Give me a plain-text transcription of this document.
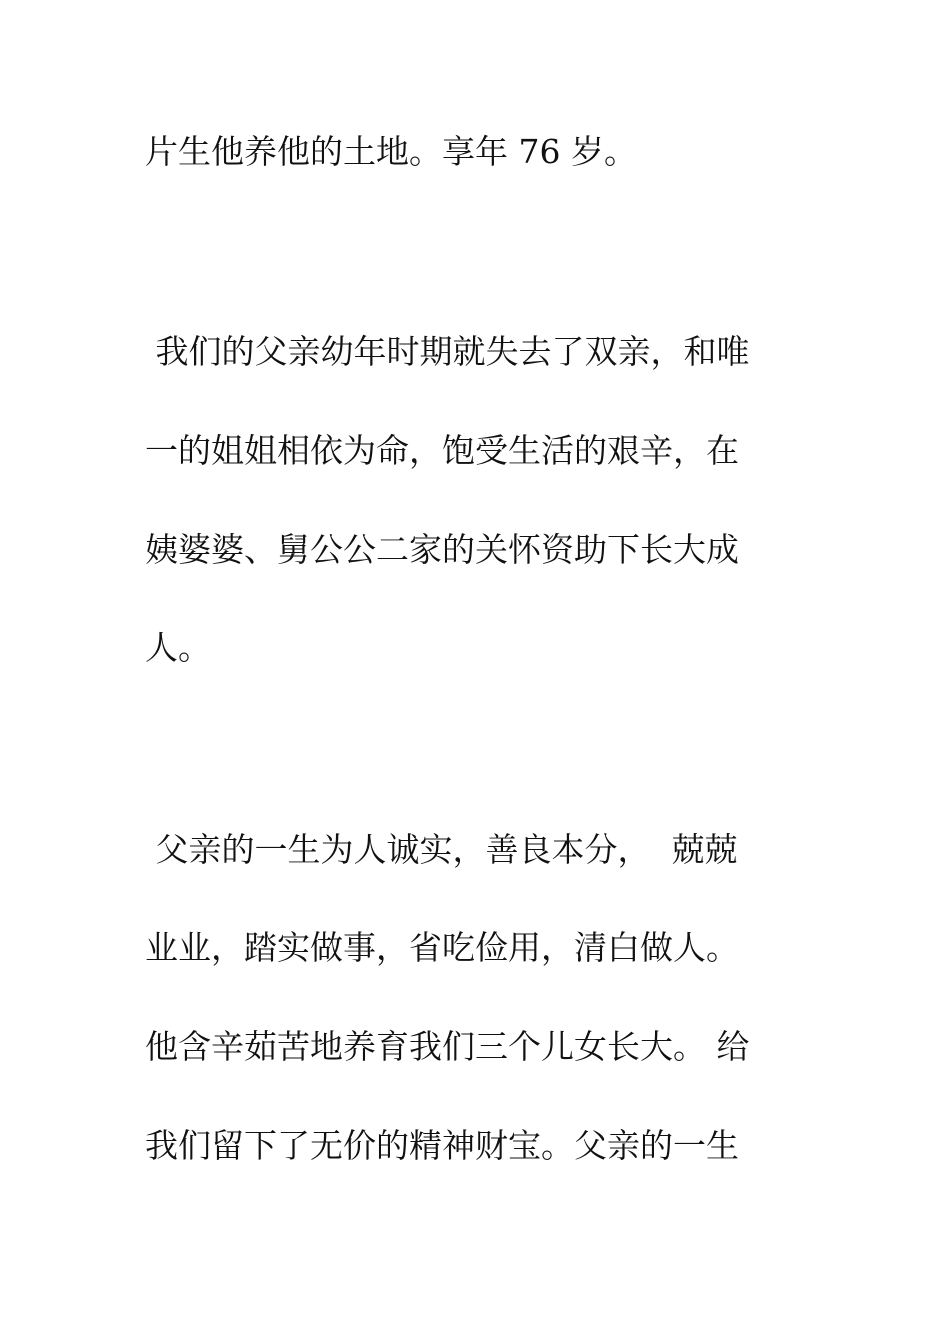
片生他养他的土地。享年 76 岁。
我们的父亲幼年时期就失去了双亲，和唯
一的姐姐相依为命，饱受生活的艰辛，在
姨婆婆、舅公公二家的关怀资助下长大成
人。
父亲的一生为人诚实，善良本分，  兢兢
业业，踏实做事，省吃俭用，清白做人。
他含辛茹苦地养育我们三个儿女长大。 给
我们留下了无价的精神财宝。父亲的一生
